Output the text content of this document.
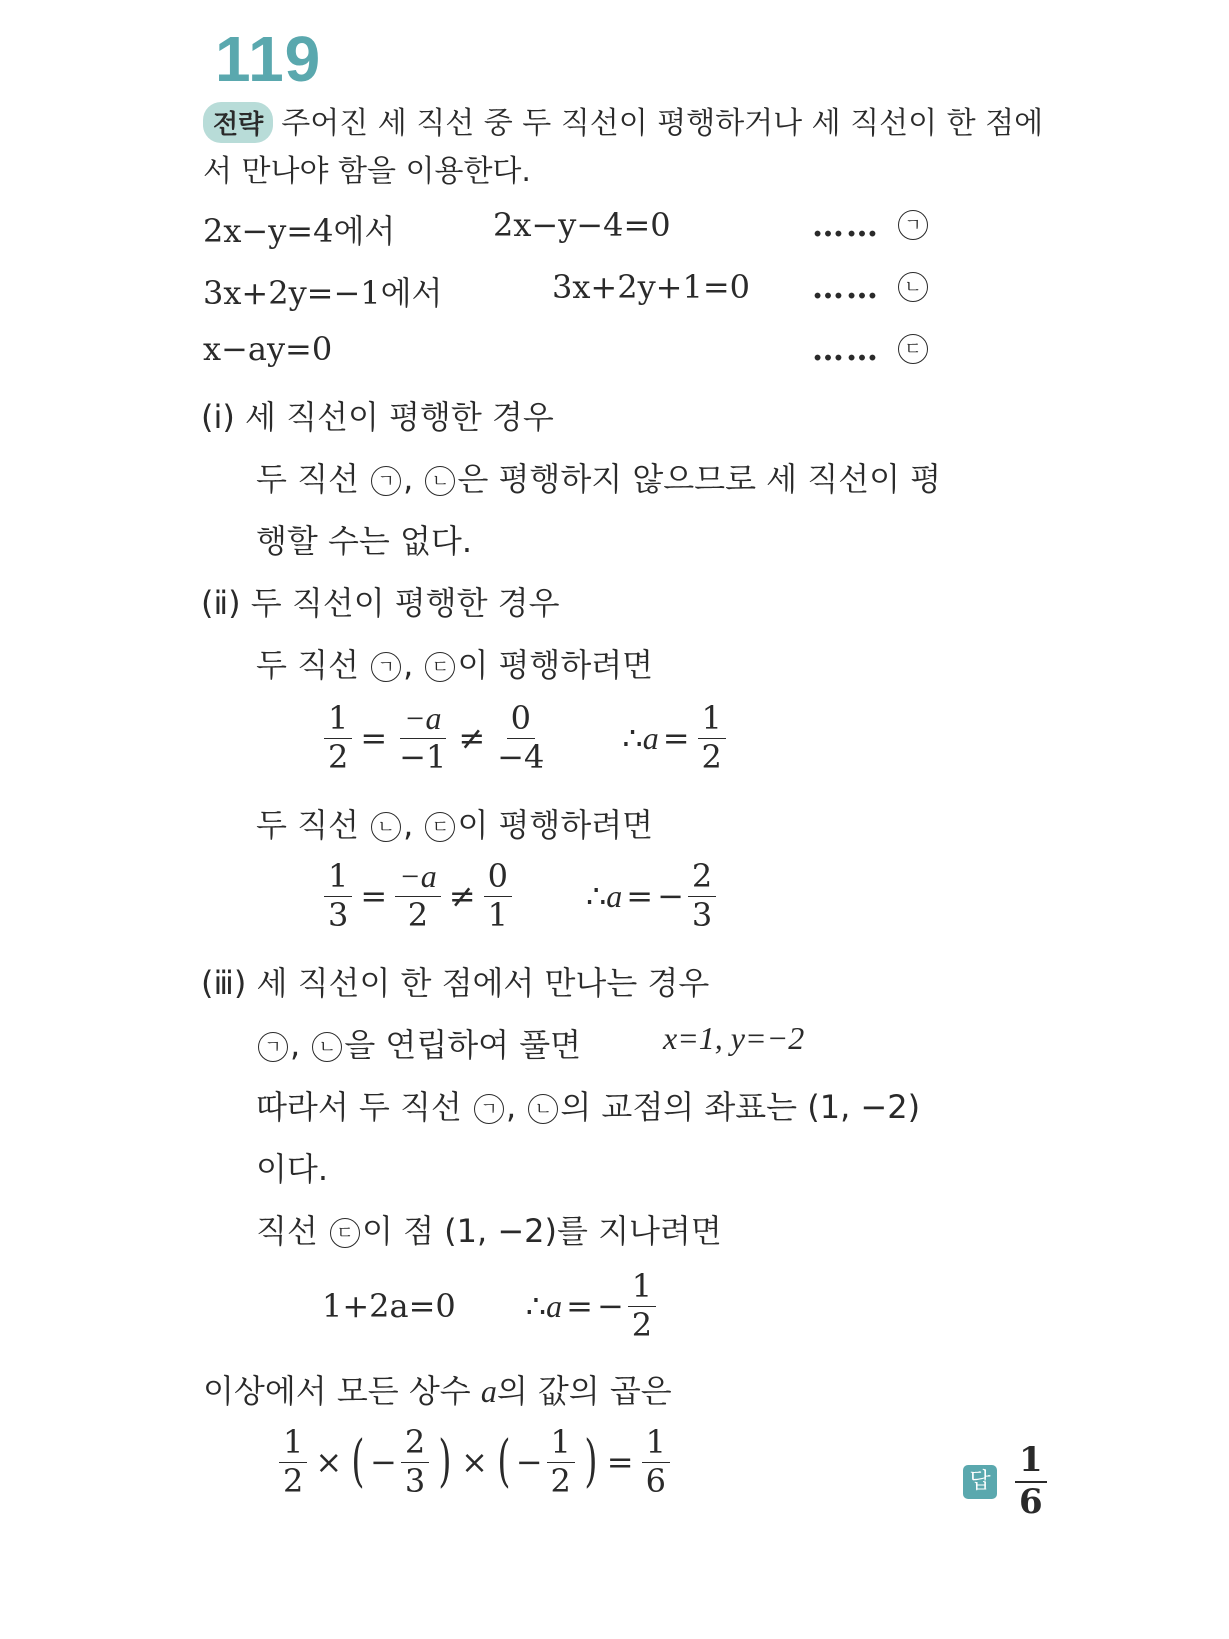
119
전략 주어진 세 직선 중 두 직선이 평행하거나 세 직선이 한 점에
서 만나야 함을 이용한다.
2x−y=4에서	2x−y−4=0	……	ㄱ
3x+2y=−1에서	3x+2y+1=0 ……	ㄴ
x−ay=0	……	ㄷ
(ⅰ) 세 직선이 평행한 경우
두 직선 ㄱ , ㄴ 은 평행하지 않으므로 세 직선이 평
행할 수는 없다.
(ⅱ) 두 직선이 평행한 경우
두 직선 ㄱ , ㄷ 이 평행하려면
$\frac{1}{2} = \frac{-a}{-1} \ne \frac{0}{-4}$ ∴ $a = \frac{1}{2}$
두 직선 ㄴ , ㄷ 이 평행하려면
$\frac{1}{3} = \frac{-a}{2} \ne \frac{0}{1}$ ∴ a = − $\frac{2}{3}$
(ⅲ) 세 직선이 한 점에서 만나는 경우
ㄱ , ㄴ 을 연립하여 풀면	x=1, y=−2
따라서 두 직선 ㄱ , ㄴ 의 교점의 좌표는 (1, −2)
이다.
직선 ㄷ 이 점 (1, −2)를 지나려면
1+2a=0 ∴ a = − $\frac{1}{2}$
이상에서 모든 상수 a의 값의 곱은
$\frac{1}{2}$ × ( − $\frac{2}{3}$ ) × ( − $\frac{1}{2}$ ) = $\frac{1}{6}$	답 $\frac{1}{6}$
